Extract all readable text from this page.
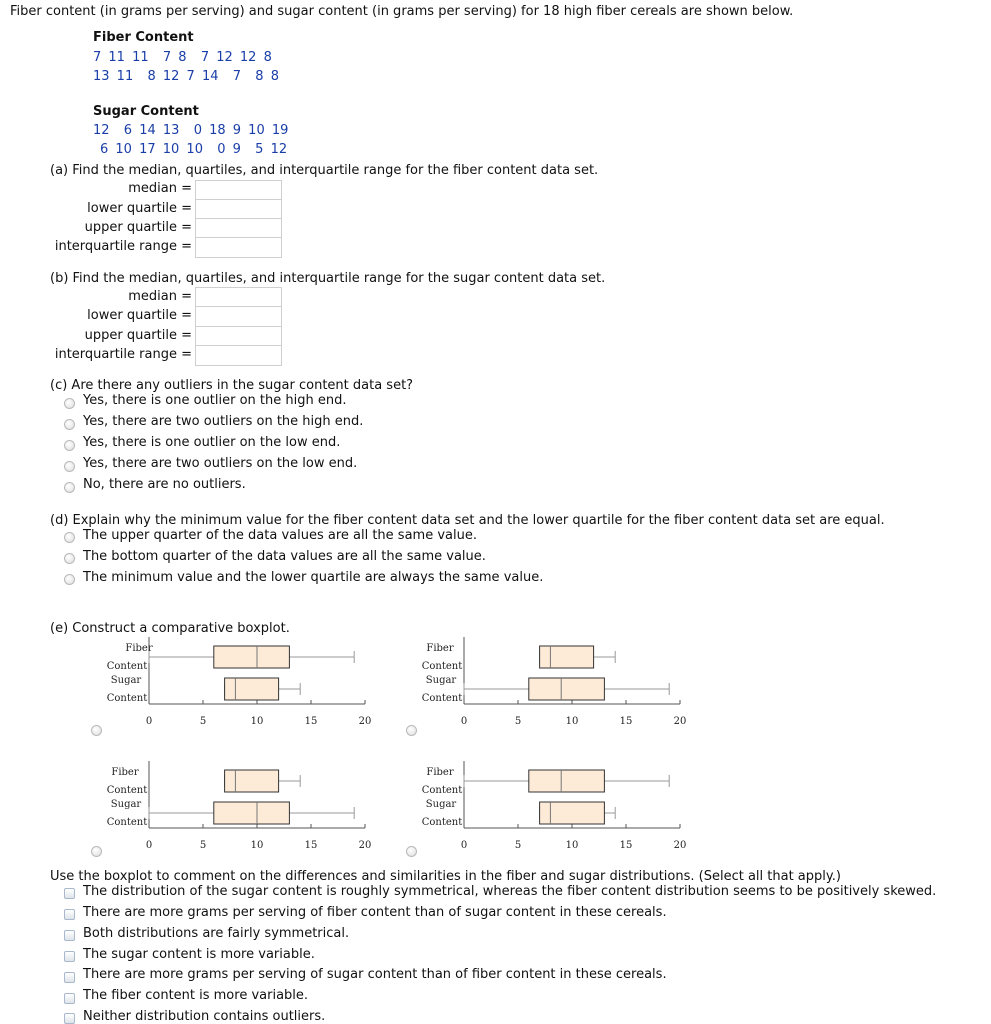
Fiber content (in grams per serving) and sugar content (in grams per serving) for 18 high fiber cereals are shown below.
Fiber Content
7 11 11  7 8  7 12 12 8
13 11  8 12 7 14  7  8 8
Sugar Content
12  6 14 13  0 18 9 10 19
6 10 17 10 10  0 9  5 12
(a) Find the median, quartiles, and interquartile range for the fiber content data set.
median =
lower quartile =
upper quartile =
interquartile range =
(b) Find the median, quartiles, and interquartile range for the sugar content data set.
median =
lower quartile =
upper quartile =
interquartile range =
(c) Are there any outliers in the sugar content data set?
Yes, there is one outlier on the high end.
Yes, there are two outliers on the high end.
Yes, there is one outlier on the low end.
Yes, there are two outliers on the low end.
No, there are no outliers.
(d) Explain why the minimum value for the fiber content data set and the lower quartile for the fiber content data set are equal.
The upper quarter of the data values are all the same value.
The bottom quarter of the data values are all the same value.
The minimum value and the lower quartile are always the same value.
(e) Construct a comparative boxplot.
Fiber
Content
Sugar
Content
0	5	10	15	20
Fiber
Content
Sugar
Content
0	5	10	15	20
Fiber
Content
Sugar
Content
0	5	10	15	20
Fiber
Content
Sugar
Content
0	5	10	15	20
Use the boxplot to comment on the differences and similarities in the fiber and sugar distributions. (Select all that apply.)
The distribution of the sugar content is roughly symmetrical, whereas the fiber content distribution seems to be positively skewed.
There are more grams per serving of fiber content than of sugar content in these cereals.
Both distributions are fairly symmetrical.
The sugar content is more variable.
There are more grams per serving of sugar content than of fiber content in these cereals.
The fiber content is more variable.
Neither distribution contains outliers.
